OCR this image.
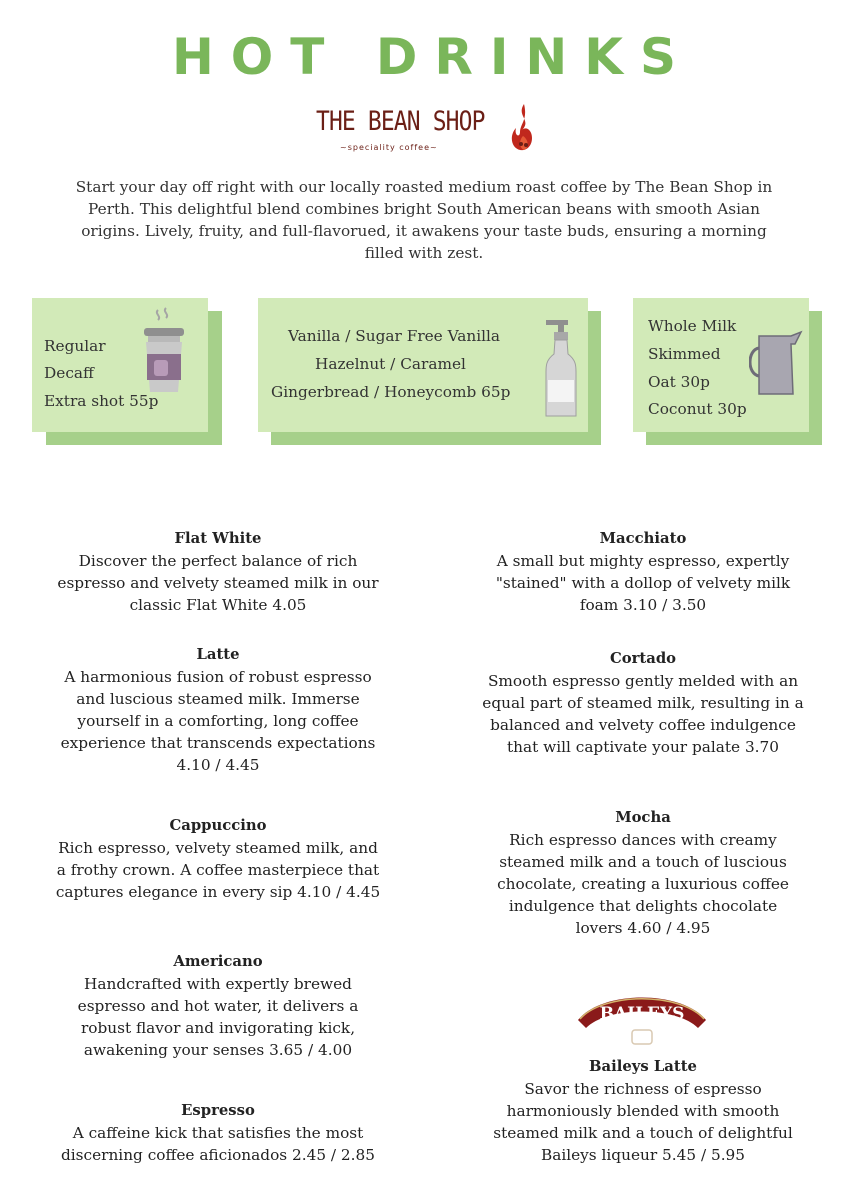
HOT DRINKS
THE BEAN SHOP
~speciality coffee~
Start your day off right with our locally roasted medium roast coffee by The Bean Shop in Perth. This delightful blend combines bright South American beans with smooth Asian origins. Lively, fruity, and full-flavorued, it awakens your taste buds, ensuring a morning filled with zest.
Regular
Decaff
Extra shot 55p
Vanilla / Sugar Free Vanilla
Hazelnut / Caramel
Gingerbread / Honeycomb 65p
Whole Milk
Skimmed
Oat 30p
Coconut 30p
Flat White
Discover the perfect balance of rich
espresso and velvety steamed milk in our
classic Flat White 4.05
Latte
A harmonious fusion of robust espresso
and luscious steamed milk. Immerse
yourself in a comforting, long coffee
experience that transcends expectations
4.10 / 4.45
Cappuccino
Rich espresso, velvety steamed milk, and
a frothy crown. A coffee masterpiece that
captures elegance in every sip 4.10 / 4.45
Americano
Handcrafted with expertly brewed
espresso and hot water, it delivers a
robust flavor and invigorating kick,
awakening your senses 3.65 / 4.00
Espresso
A caffeine kick that satisfies the most
discerning coffee aficionados 2.45 / 2.85
Macchiato
A small but mighty espresso, expertly
"stained" with a dollop of velvety milk
foam 3.10 / 3.50
Cortado
Smooth espresso gently melded with an
equal part of steamed milk, resulting in a
balanced and velvety coffee indulgence
that will captivate your palate 3.70
Mocha
Rich espresso dances with creamy
steamed milk and a touch of luscious
chocolate, creating a luxurious coffee
indulgence that delights chocolate
lovers 4.60 / 4.95
BAILEYS
Baileys Latte
Savor the richness of espresso
harmoniously blended with smooth
steamed milk and a touch of delightful
Baileys liqueur 5.45 / 5.95
